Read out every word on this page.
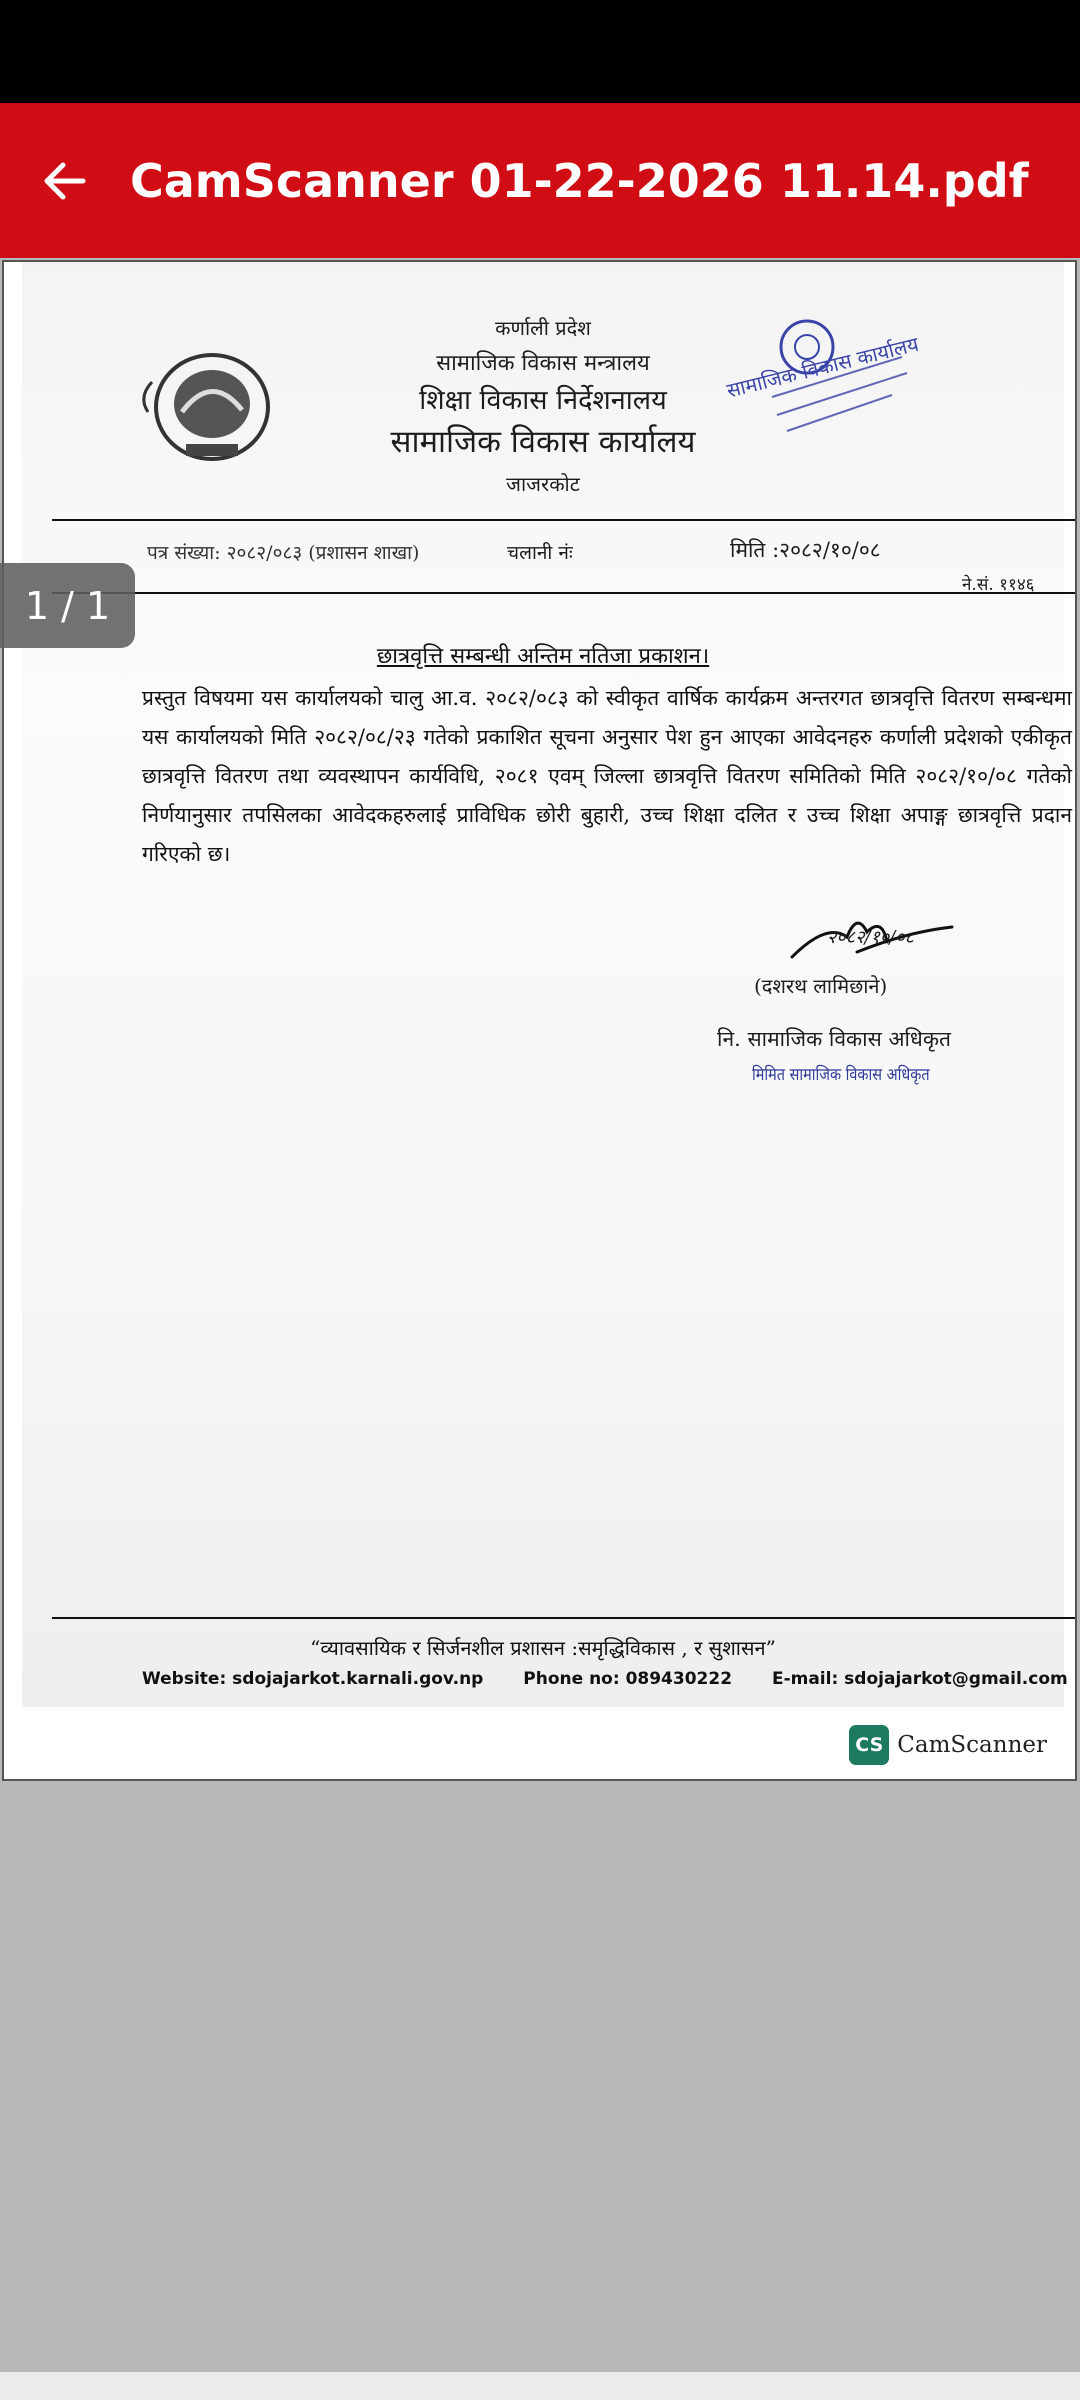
CamScanner 01-22-2026 11.14.pdf
सामाजिक विकास कार्यालय
कर्णाली प्रदेश
सामाजिक विकास मन्त्रालय
शिक्षा विकास निर्देशनालय
सामाजिक विकास कार्यालय
जाजरकोट
पत्र संख्या: २०८२/०८३ (प्रशासन शाखा)	चलानी नंः	मिति :२०८२/१०/०८
ने.सं. ११४६
छात्रवृत्ति सम्बन्धी अन्तिम नतिजा प्रकाशन।
प्रस्तुत विषयमा यस कार्यालयको चालु आ.व. २०८२/०८३ को स्वीकृत वार्षिक कार्यक्रम अन्तरगत छात्रवृत्ति वितरण सम्बन्धमा यस कार्यालयको मिति २०८२/०८/२३ गतेको प्रकाशित सूचना अनुसार पेश हुन आएका आवेदनहरु कर्णाली प्रदेशको एकीकृत छात्रवृत्ति वितरण तथा व्यवस्थापन कार्यविधि, २०८१ एवम् जिल्ला छात्रवृत्ति वितरण समितिको मिति २०८२/१०/०८ गतेको निर्णयानुसार तपसिलका आवेदकहरुलाई प्राविधिक छोरी बुहारी, उच्च शिक्षा दलित र उच्च शिक्षा अपाङ्ग छात्रवृत्ति प्रदान गरिएको छ।
२०८२/१०/०८
(दशरथ लामिछाने)
नि. सामाजिक विकास अधिकृत
मिमित सामाजिक विकास अधिकृत
“व्यावसायिक र सिर्जनशील प्रशासन :समृद्धिविकास , र सुशासन”
Website: sdojajarkot.karnali.gov.np Phone no: 089430222 E-mail: sdojajarkot@gmail.com
CS CamScanner
1 / 1
